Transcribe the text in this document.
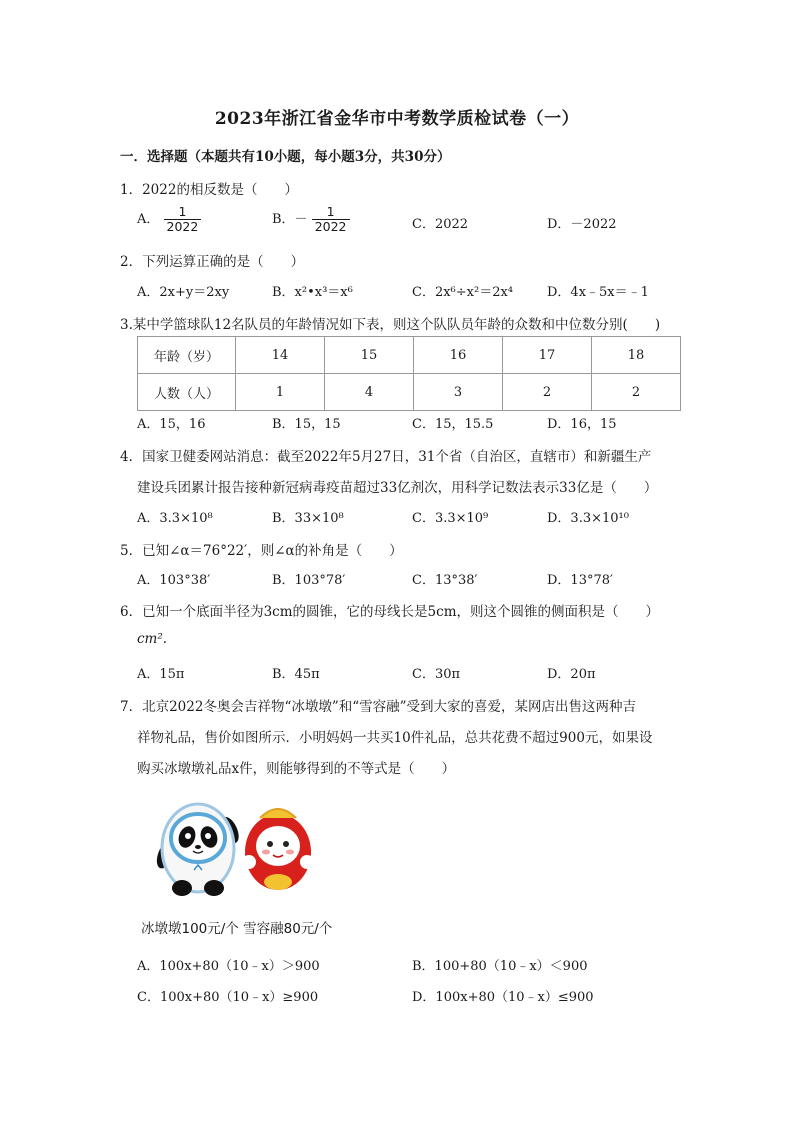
2023年浙江省金华市中考数学质检试卷（一）
一．选择题（本题共有10小题，每小题3分，共30分）
1．2022的相反数是（　　）
A． $\frac{1}{2022}$	B．－ $\frac{1}{2022}$	C．2022	D．－2022
2．下列运算正确的是（　　）
A．2x+y＝2xy	B．x²•x³＝x⁶	C．2x⁶÷x²＝2x⁴	D．4x﹣5x＝﹣1
3.某中学篮球队12名队员的年龄情况如下表，则这个队队员年龄的众数和中位数分别(　　)
年龄（岁）	14	15	16	17	18
人数（人）	1	4	3	2	2
A．15，16	B．15，15	C．15，15.5	D．16，15
4．国家卫健委网站消息：截至2022年5月27日，31个省（自治区，直辖市）和新疆生产
建设兵团累计报告接种新冠病毒疫苗超过33亿剂次，用科学记数法表示33亿是（　　）
A．3.3×10⁸	B．33×10⁸	C．3.3×10⁹	D．3.3×10¹⁰
5．已知∠α＝76°22′，则∠α的补角是（　　）
A．103°38′	B．103°78′	C．13°38′	D．13°78′
6．已知一个底面半径为3cm的圆锥，它的母线长是5cm，则这个圆锥的侧面积是（　　）
cm².
A．15π	B．45π	C．30π	D．20π
7．北京2022冬奥会吉祥物“冰墩墩”和“雪容融”受到大家的喜爱，某网店出售这两种吉
祥物礼品，售价如图所示．小明妈妈一共买10件礼品，总共花费不超过900元，如果设
购买冰墩墩礼品x件，则能够得到的不等式是（　　）
冰墩墩100元/个 雪容融80元/个
A．100x+80（10﹣x）＞900	B．100+80（10﹣x）＜900
C．100x+80（10﹣x）≥900	D．100x+80（10﹣x）≤900
